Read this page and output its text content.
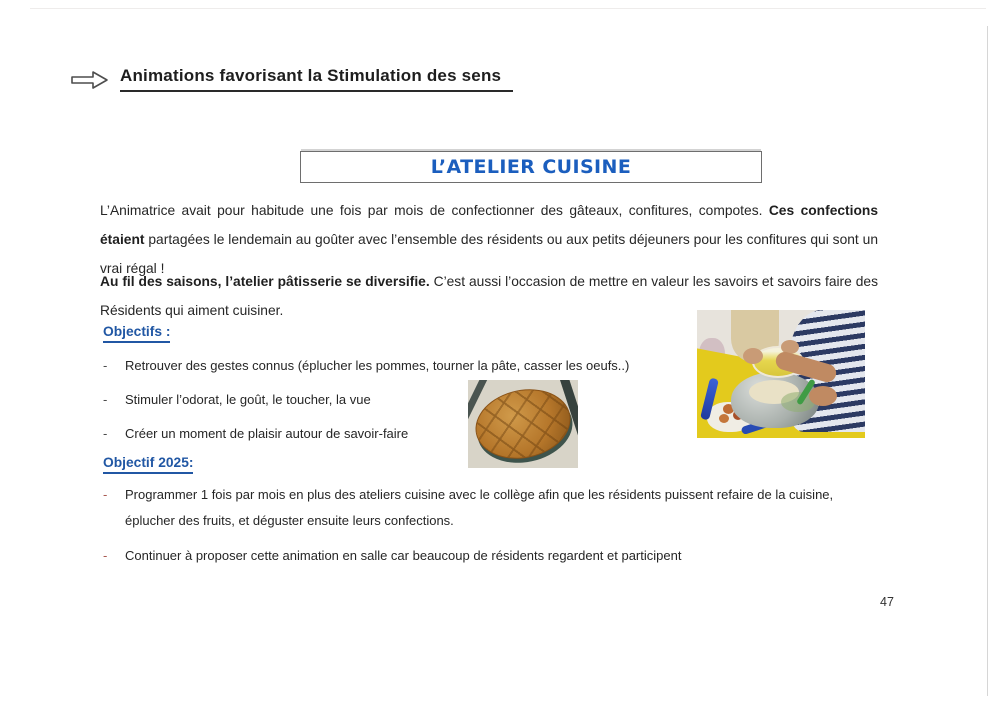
Animations favorisant la Stimulation des sens
L’ATELIER CUISINE
L’Animatrice avait pour habitude une fois par mois de confectionner des gâteaux, confitures, compotes. Ces confections étaient partagées le lendemain au goûter avec l’ensemble des résidents ou aux petits déjeuners pour les confitures qui sont un vrai régal !
Au fil des saisons, l’atelier pâtisserie se diversifie. C’est aussi l’occasion de mettre en valeur les savoirs et savoirs faire des Résidents qui aiment cuisiner.
Objectifs :
-
Retrouver des gestes connus (éplucher les pommes, tourner la pâte, casser les oeufs..)
-
Stimuler l’odorat, le goût, le toucher, la vue
-
Créer un moment de plaisir autour de savoir-faire
Objectif 2025:
-
Programmer 1 fois par mois en plus des ateliers cuisine avec le collège afin que les résidents puissent refaire de la cuisine, éplucher des fruits, et déguster ensuite leurs confections.
-
Continuer à proposer cette animation en salle car beaucoup de résidents regardent et participent
47
